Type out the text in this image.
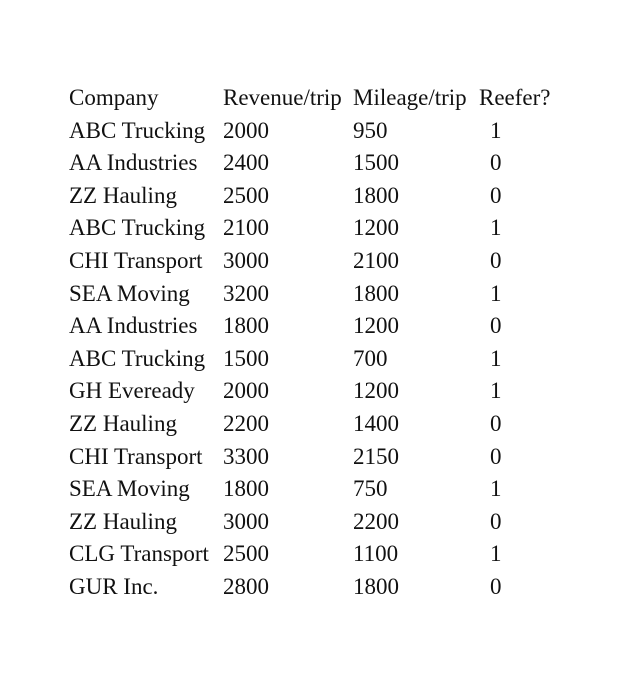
Company	Revenue/trip	Mileage/trip	Reefer?
ABC Trucking	2000	950	1
AA Industries	2400	1500	0
ZZ Hauling	2500	1800	0
ABC Trucking	2100	1200	1
CHI Transport	3000	2100	0
SEA Moving	3200	1800	1
AA Industries	1800	1200	0
ABC Trucking	1500	700	1
GH Eveready	2000	1200	1
ZZ Hauling	2200	1400	0
CHI Transport	3300	2150	0
SEA Moving	1800	750	1
ZZ Hauling	3000	2200	0
CLG Transport	2500	1100	1
GUR Inc.	2800	1800	0
